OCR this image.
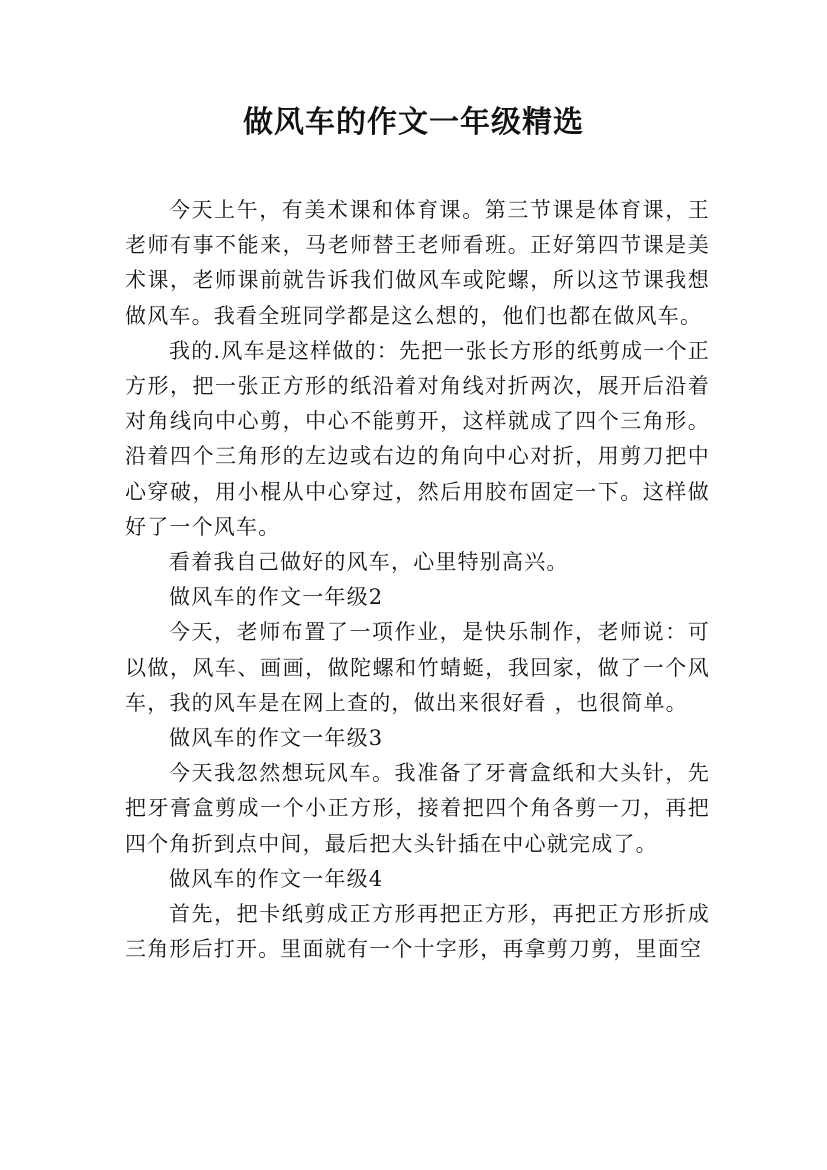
做风车的作文一年级精选

今天上午，有美术课和体育课。第三节课是体育课，王老师有事不能来，马老师替王老师看班。正好第四节课是美术课，老师课前就告诉我们做风车或陀螺，所以这节课我想做风车。我看全班同学都是这么想的，他们也都在做风车。

我的.风车是这样做的：先把一张长方形的纸剪成一个正方形，把一张正方形的纸沿着对角线对折两次，展开后沿着对角线向中心剪，中心不能剪开，这样就成了四个三角形。沿着四个三角形的左边或右边的角向中心对折，用剪刀把中心穿破，用小棍从中心穿过，然后用胶布固定一下。这样做好了一个风车。

看着我自己做好的风车，心里特别高兴。

做风车的作文一年级2

今天，老师布置了一项作业，是快乐制作，老师说：可以做，风车、画画，做陀螺和竹蜻蜓，我回家，做了一个风车，我的风车是在网上查的，做出来很好看 ，也很简单。

做风车的作文一年级3

今天我忽然想玩风车。我准备了牙膏盒纸和大头针，先把牙膏盒剪成一个小正方形，接着把四个角各剪一刀，再把四个角折到点中间，最后把大头针插在中心就完成了。

做风车的作文一年级4

首先，把卡纸剪成正方形再把正方形，再把正方形折成三角形后打开。里面就有一个十字形，再拿剪刀剪，里面空
